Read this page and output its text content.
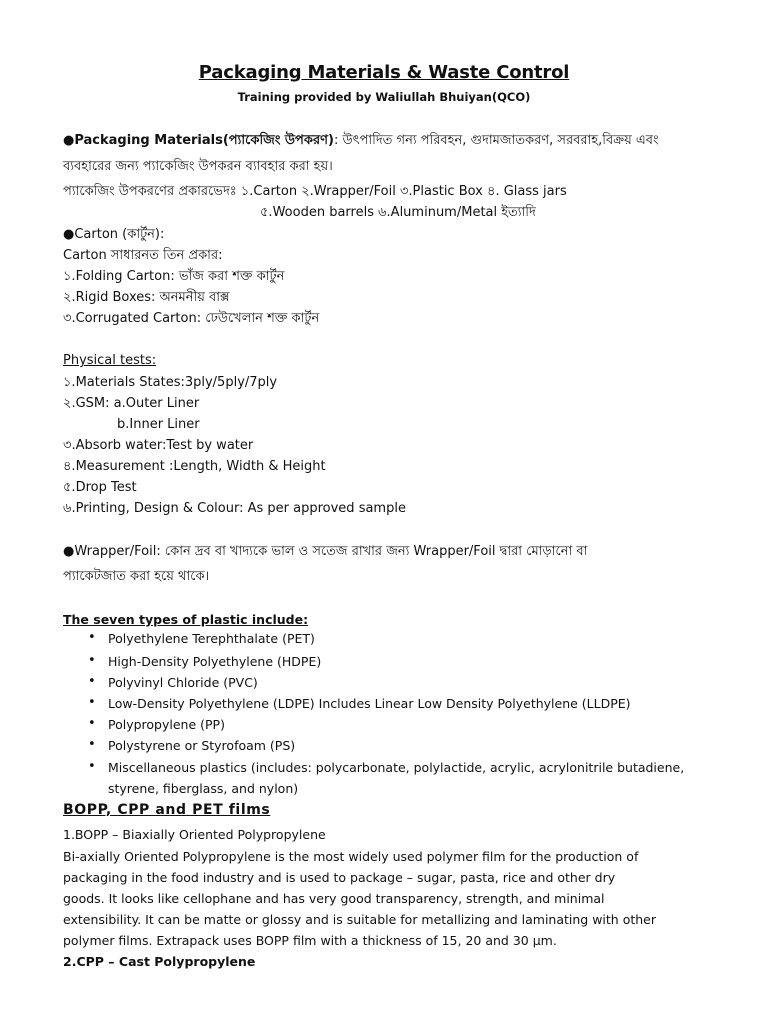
Packaging Materials & Waste Control
Training provided by Waliullah Bhuiyan(QCO)
●Packaging Materials(প্যাকেজিং উপকরণ): উৎপাদিত গন্য পরিবহন, গুদামজাতকরণ, সরবরাহ,বিক্রয় এবং
ব্যবহারের জন্য প্যাকেজিং উপকরন ব্যাবহার করা হয়।
প্যাকেজিং উপকরণের প্রকারভেদঃ ১.Carton ২.Wrapper/Foil ৩.Plastic Box ৪. Glass jars
৫.Wooden barrels ৬.Aluminum/Metal ইত্যাদি
●Carton (কার্টুন):
Carton সাধারনত তিন প্রকার:
১.Folding Carton: ভাঁজ করা শক্ত কার্টুন
২.Rigid Boxes: অনমনীয় বাক্স
৩.Corrugated Carton: ঢেউখেলান শক্ত কার্টুন
Physical tests:
১.Materials States:3ply/5ply/7ply
২.GSM: a.Outer Liner
b.Inner Liner
৩.Absorb water:Test by water
৪.Measurement :Length, Width & Height
৫.Drop Test
৬.Printing, Design & Colour: As per approved sample
●Wrapper/Foil: কোন দ্রব বা খাদ্যকে ভাল ও সতেজ রাখার জন্য Wrapper/Foil দ্বারা মোড়ানো বা
প্যাকেটজাত করা হয়ে থাকে।
The seven types of plastic include:
• Polyethylene Terephthalate (PET)
• High-Density Polyethylene (HDPE)
• Polyvinyl Chloride (PVC)
• Low-Density Polyethylene (LDPE) Includes Linear Low Density Polyethylene (LLDPE)
• Polypropylene (PP)
• Polystyrene or Styrofoam (PS)
• Miscellaneous plastics (includes: polycarbonate, polylactide, acrylic, acrylonitrile butadiene,
styrene, fiberglass, and nylon)
BOPP, CPP and PET films
1.BOPP – Biaxially Oriented Polypropylene
Bi-axially Oriented Polypropylene is the most widely used polymer film for the production of
packaging in the food industry and is used to package – sugar, pasta, rice and other dry
goods. It looks like cellophane and has very good transparency, strength, and minimal
extensibility. It can be matte or glossy and is suitable for metallizing and laminating with other
polymer films. Extrapack uses BOPP film with a thickness of 15, 20 and 30 μm.
2.CPP – Cast Polypropylene
